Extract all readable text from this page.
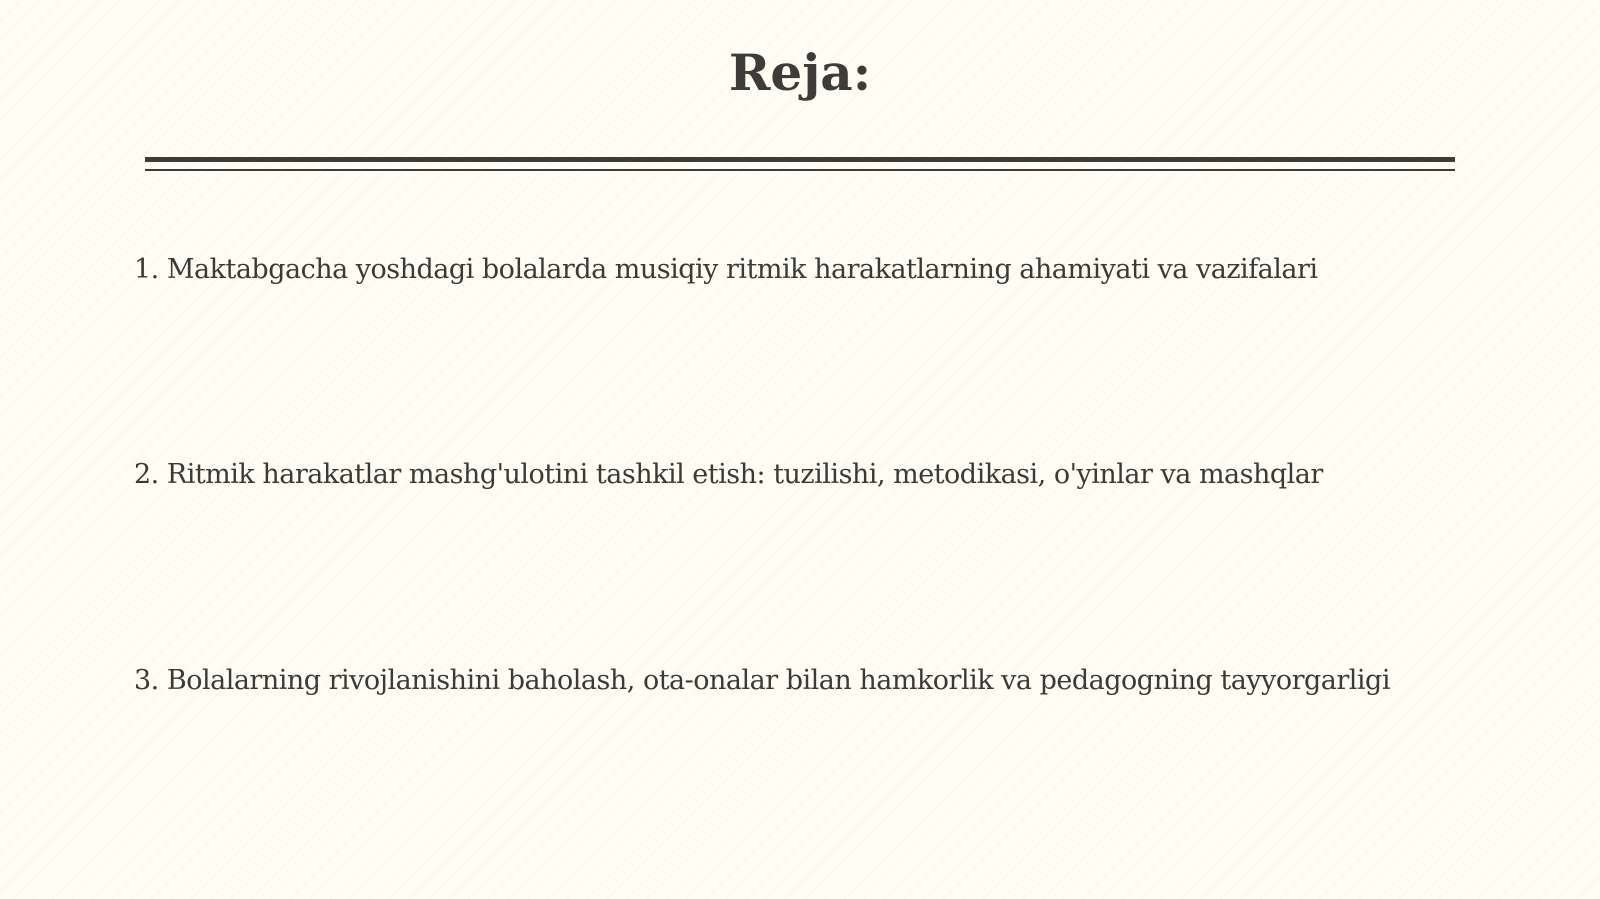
Reja:
1. Maktabgacha yoshdagi bolalarda musiqiy ritmik harakatlarning ahamiyati va vazifalari
2. Ritmik harakatlar mashg'ulotini tashkil etish: tuzilishi, metodikasi, o'yinlar va mashqlar
3. Bolalarning rivojlanishini baholash, ota-onalar bilan hamkorlik va pedagogning tayyorgarligi
